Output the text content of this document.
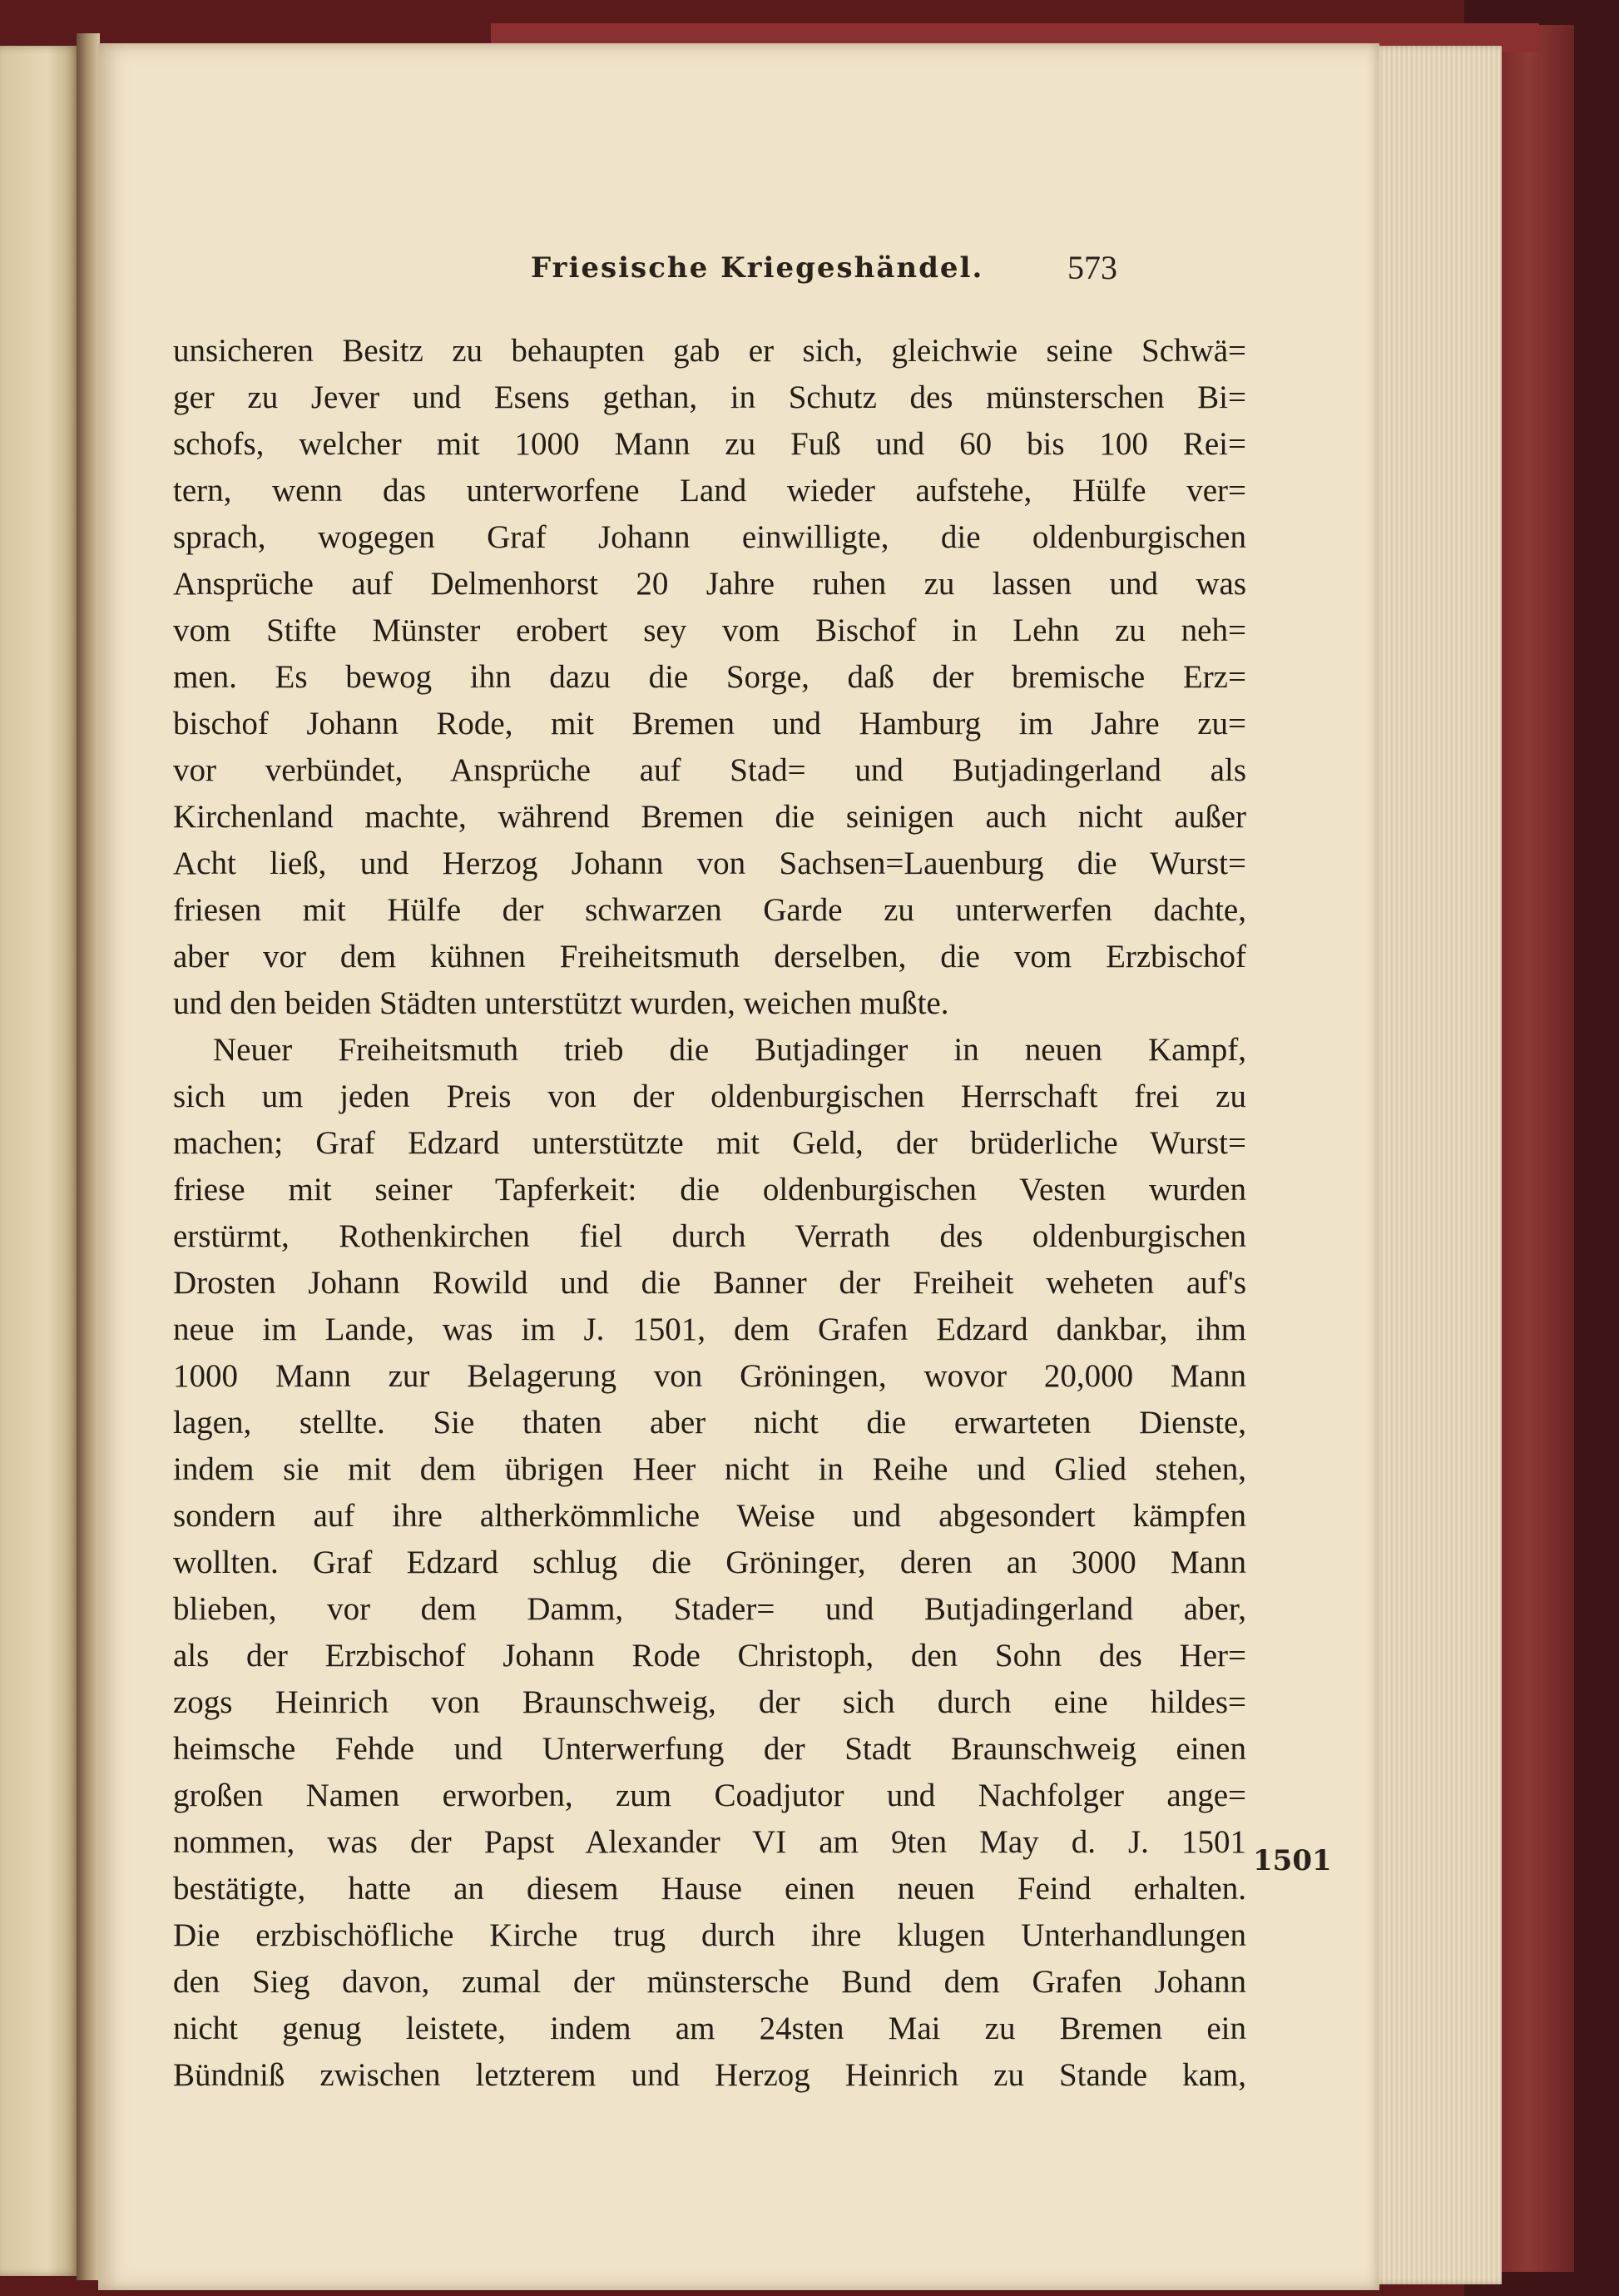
Friesische Kriegeshändel.	573
unsicheren Besitz zu behaupten gab er sich, gleichwie seine Schwä=
ger zu Jever und Esens gethan, in Schutz des münsterschen Bi=
schofs, welcher mit 1000 Mann zu Fuß und 60 bis 100 Rei=
tern, wenn das unterworfene Land wieder aufstehe, Hülfe ver=
sprach, wogegen Graf Johann einwilligte, die oldenburgischen
Ansprüche auf Delmenhorst 20 Jahre ruhen zu lassen und was
vom Stifte Münster erobert sey vom Bischof in Lehn zu neh=
men. Es bewog ihn dazu die Sorge, daß der bremische Erz=
bischof Johann Rode, mit Bremen und Hamburg im Jahre zu=
vor verbündet, Ansprüche auf Stad= und Butjadingerland als
Kirchenland machte, während Bremen die seinigen auch nicht außer
Acht ließ, und Herzog Johann von Sachsen=Lauenburg die Wurst=
friesen mit Hülfe der schwarzen Garde zu unterwerfen dachte,
aber vor dem kühnen Freiheitsmuth derselben, die vom Erzbischof
und den beiden Städten unterstützt wurden, weichen mußte.
Neuer Freiheitsmuth trieb die Butjadinger in neuen Kampf,
sich um jeden Preis von der oldenburgischen Herrschaft frei zu
machen; Graf Edzard unterstützte mit Geld, der brüderliche Wurst=
friese mit seiner Tapferkeit: die oldenburgischen Vesten wurden
erstürmt, Rothenkirchen fiel durch Verrath des oldenburgischen
Drosten Johann Rowild und die Banner der Freiheit weheten auf's
neue im Lande, was im J. 1501, dem Grafen Edzard dankbar, ihm
1000 Mann zur Belagerung von Gröningen, wovor 20,000 Mann
lagen, stellte. Sie thaten aber nicht die erwarteten Dienste,
indem sie mit dem übrigen Heer nicht in Reihe und Glied stehen,
sondern auf ihre altherkömmliche Weise und abgesondert kämpfen
wollten. Graf Edzard schlug die Gröninger, deren an 3000 Mann
blieben, vor dem Damm, Stader= und Butjadingerland aber,
als der Erzbischof Johann Rode Christoph, den Sohn des Her=
zogs Heinrich von Braunschweig, der sich durch eine hildes=
heimsche Fehde und Unterwerfung der Stadt Braunschweig einen
großen Namen erworben, zum Coadjutor und Nachfolger ange=
nommen, was der Papst Alexander VI am 9ten May d. J. 1501
bestätigte, hatte an diesem Hause einen neuen Feind erhalten.
Die erzbischöfliche Kirche trug durch ihre klugen Unterhandlungen
den Sieg davon, zumal der münstersche Bund dem Grafen Johann
nicht genug leistete, indem am 24sten Mai zu Bremen ein
Bündniß zwischen letzterem und Herzog Heinrich zu Stande kam,
1501
